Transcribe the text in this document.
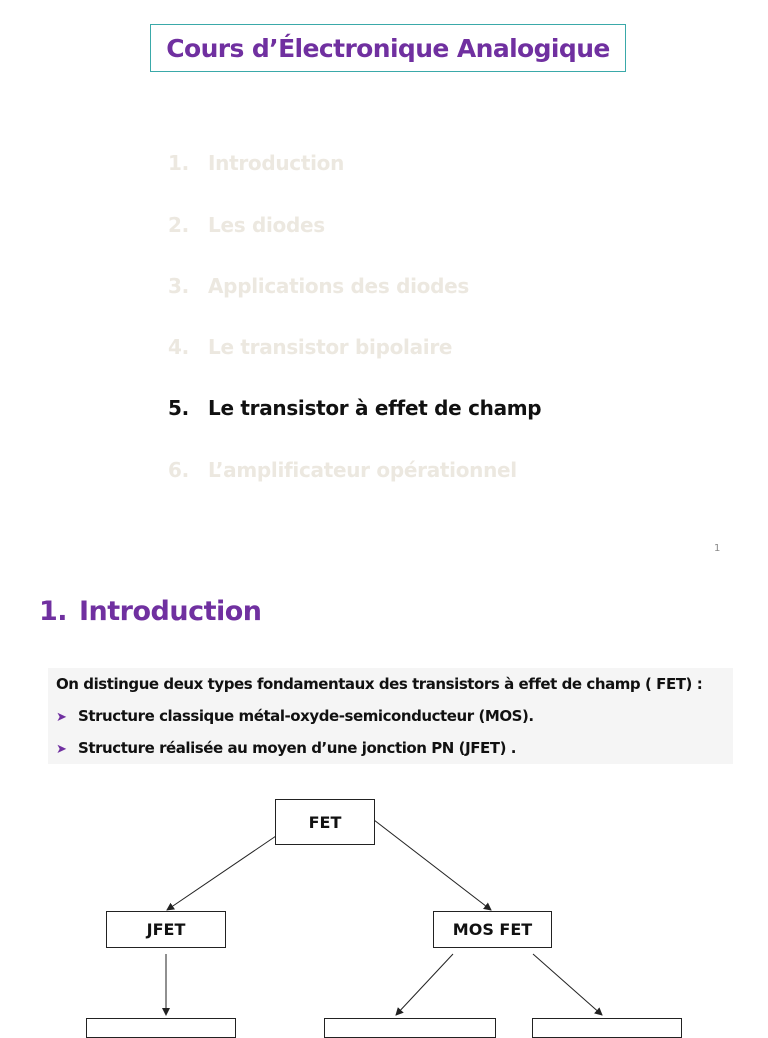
Cours d’Électronique Analogique
1. Introduction
2. Les diodes
3. Applications des diodes
4. Le transistor bipolaire
5. Le transistor à effet de champ
6. L’amplificateur opérationnel
1
1. Introduction
On distingue deux types fondamentaux des transistors à effet de champ ( FET) :
➤ Structure classique métal-oxyde-semiconducteur (MOS).
➤ Structure réalisée au moyen d’une jonction PN (JFET) .
FET
JFET	MOS FET
